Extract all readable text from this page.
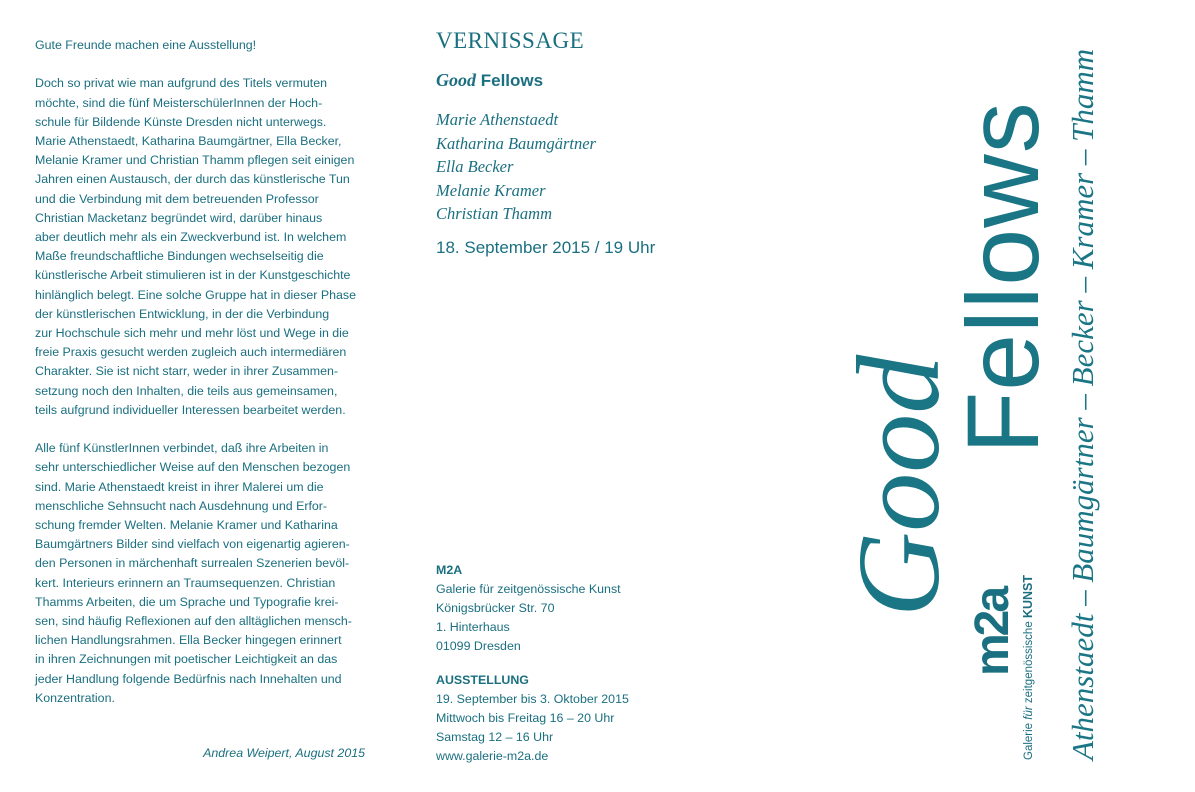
Gute Freunde machen eine Ausstellung!

Doch so privat wie man aufgrund des Titels vermuten

möchte, sind die fünf MeisterschülerInnen der Hoch-

schule für Bildende Künste Dresden nicht unterwegs.

Marie Athenstaedt, Katharina Baumgärtner, Ella Becker,

Melanie Kramer und Christian Thamm pflegen seit einigen

Jahren einen Austausch, der durch das künstlerische Tun

und die Verbindung mit dem betreuenden Professor

Christian Macketanz begründet wird, darüber hinaus

aber deutlich mehr als ein Zweckverbund ist. In welchem

Maße freundschaftliche Bindungen wechselseitig die

künstlerische Arbeit stimulieren ist in der Kunstgeschichte

hinlänglich belegt. Eine solche Gruppe hat in dieser Phase

der künstlerischen Entwicklung, in der die Verbindung

zur Hochschule sich mehr und mehr löst und Wege in die

freie Praxis gesucht werden zugleich auch intermediären

Charakter. Sie ist nicht starr, weder in ihrer Zusammen-

setzung noch den Inhalten, die teils aus gemeinsamen,

teils aufgrund individueller Interessen bearbeitet werden.

Alle fünf KünstlerInnen verbindet, daß ihre Arbeiten in

sehr unterschiedlicher Weise auf den Menschen bezogen

sind. Marie Athenstaedt kreist in ihrer Malerei um die

menschliche Sehnsucht nach Ausdehnung und Erfor-

schung fremder Welten. Melanie Kramer und Katharina

Baumgärtners Bilder sind vielfach von eigenartig agieren-

den Personen in märchenhaft surrealen Szenerien bevöl-

kert. Interieurs erinnern an Traumsequenzen. Christian

Thamms Arbeiten, die um Sprache und Typografie krei-

sen, sind häufig Reflexionen auf den alltäglichen mensch-

lichen Handlungsrahmen. Ella Becker hingegen erinnert

in ihren Zeichnungen mit poetischer Leichtigkeit an das

jeder Handlung folgende Bedürfnis nach Innehalten und

Konzentration.

Andrea Weipert, August 2015
VERNISSAGE
Good Fellows
Marie Athenstaedt
Katharina Baumgärtner
Ella Becker
Melanie Kramer
Christian Thamm
18. September 2015 / 19 Uhr
M2A
Galerie für zeitgenössische Kunst
Königsbrücker Str. 70
1. Hinterhaus
01099 Dresden
AUSSTELLUNG
19. September bis 3. Oktober 2015
Mittwoch bis Freitag 16 – 20 Uhr
Samstag 12 – 16 Uhr
www.galerie-m2a.de
Good
Fellows Athenstaedt – Baumgärtner – Becker – Kramer – Thamm
m2a
Galerie für zeitgenössische KUNST
